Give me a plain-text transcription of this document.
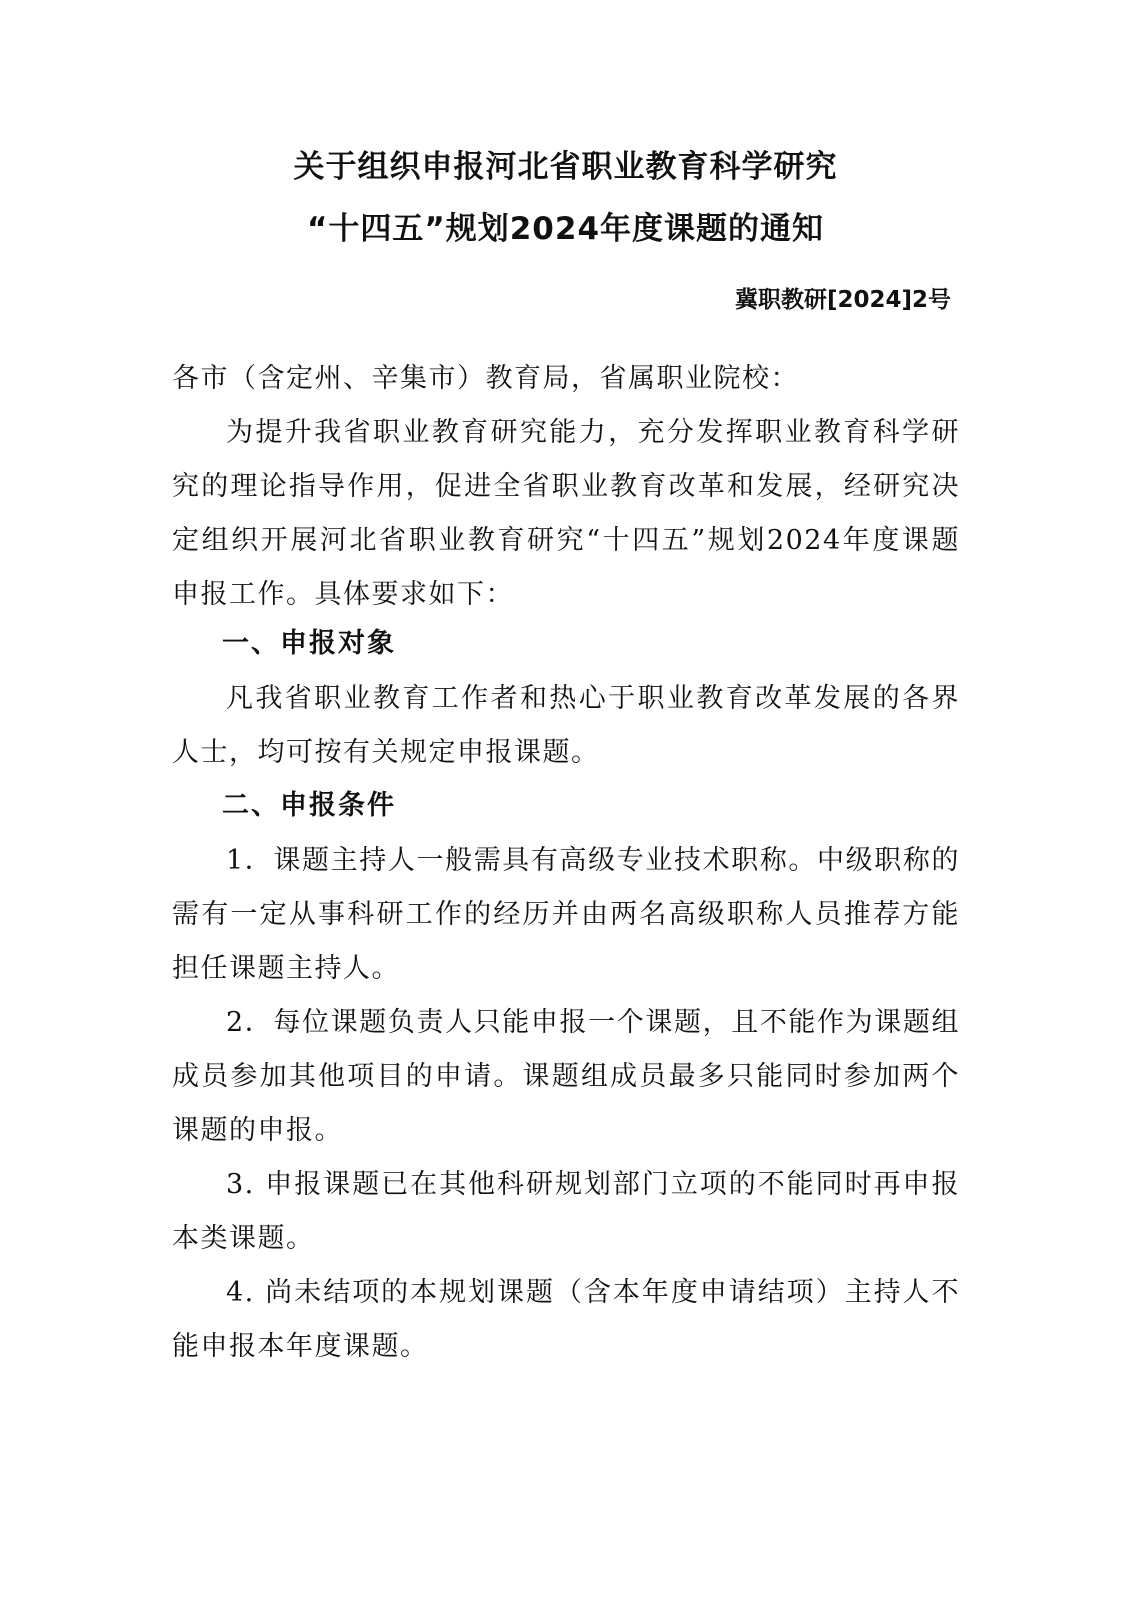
关于组织申报河北省职业教育科学研究
“十四五”规划2024年度课题的通知
冀职教研[2024]2号

各市（含定州、辛集市）教育局，省属职业院校：

为提升我省职业教育研究能力，充分发挥职业教育科学研究的理论指导作用，促进全省职业教育改革和发展，经研究决定组织开展河北省职业教育研究“十四五”规划2024年度课题申报工作。具体要求如下：

一、申报对象

凡我省职业教育工作者和热心于职业教育改革发展的各界人士，均可按有关规定申报课题。

二、申报条件

1．课题主持人一般需具有高级专业技术职称。中级职称的需有一定从事科研工作的经历并由两名高级职称人员推荐方能担任课题主持人。

2．每位课题负责人只能申报一个课题，且不能作为课题组成员参加其他项目的申请。课题组成员最多只能同时参加两个课题的申报。

3. 申报课题已在其他科研规划部门立项的不能同时再申报本类课题。

4. 尚未结项的本规划课题（含本年度申请结项）主持人不能申报本年度课题。
